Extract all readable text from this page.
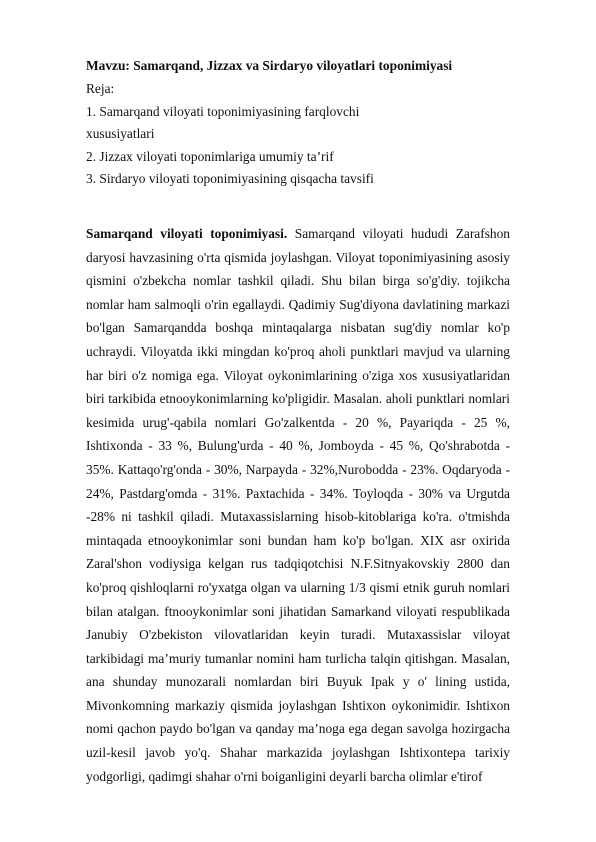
Mavzu: Samarqand, Jizzax va Sirdaryo viloyatlari toponimiyasi
Reja:
1. Samarqand viloyati toponimiyasining farqlovchi
xususiyatlari
2. Jizzax viloyati toponimlariga umumiy ta’rif
3. Sirdaryo viloyati toponimiyasining qisqacha tavsifi

Samarqand viloyati toponimiyasi. Samarqand viloyati hududi Zarafshon daryosi havzasining o'rta qismida joylashgan. Viloyat toponimiyasining asosiy qismini o'zbekcha nomlar tashkil qiladi. Shu bilan birga so'g'diy. tojikcha nomlar ham salmoqli o'rin egallaydi. Qadimiy Sug'diyona davlatining markazi bo'lgan Samarqandda boshqa mintaqalarga nisbatan sug'diy nomlar ko'p uchraydi. Viloyatda ikki mingdan ko'proq aholi punktlari mavjud va ularning har biri o'z nomiga ega. Viloyat oykonimlarining o'ziga xos xususiyatlaridan biri tarkibida etnooykonimlarning ko'pligidir. Masalan. aholi punktlari nomlari kesimida urug'-qabila nomlari Go'zalkentda - 20 %, Payariqda - 25 %, Ishtixonda - 33 %, Bulung'urda - 40 %, Jomboyda - 45 %, Qo'shrabotda - 35%. Kattaqo'rg'onda - 30%, Narpayda - 32%,Nurobodda - 23%. Oqdaryoda - 24%, Pastdarg'omda - 31%. Paxtachida - 34%. Toyloqda - 30% va Urgutda -28% ni tashkil qiladi. Mutaxassislarning hisob-kitoblariga ko'ra. o'tmishda mintaqada etnooykonimlar soni bundan ham ko'p bo'lgan. XIX asr oxirida Zaral'shon vodiysiga kelgan rus tadqiqotchisi N.F.Sitnyakovskiy 2800 dan ko'proq qishloqlarni ro'yxatga olgan va ularning 1/3 qismi etnik guruh nomlari bilan atalgan. ftnooykonimlar soni jihatidan Samarkand viloyati respublikada Janubiy O'zbekiston vilovatlaridan keyin turadi. Mutaxassislar viloyat tarkibidagi ma’muriy tumanlar nomini ham turlicha talqin qitishgan. Masalan, ana shunday munozarali nomlardan biri Buyuk Ipak y o' lining ustida, Mivonkomning markaziy qismida joylashgan Ishtixon oykonimidir. Ishtixon nomi qachon paydo bo'lgan va qanday ma’noga ega degan savolga hozirgacha uzil-kesil javob yo'q. Shahar markazida joylashgan Ishtixontepa tarixiy yodgorligi, qadimgi shahar o'rni boiganligini deyarli barcha olimlar e'tirof
